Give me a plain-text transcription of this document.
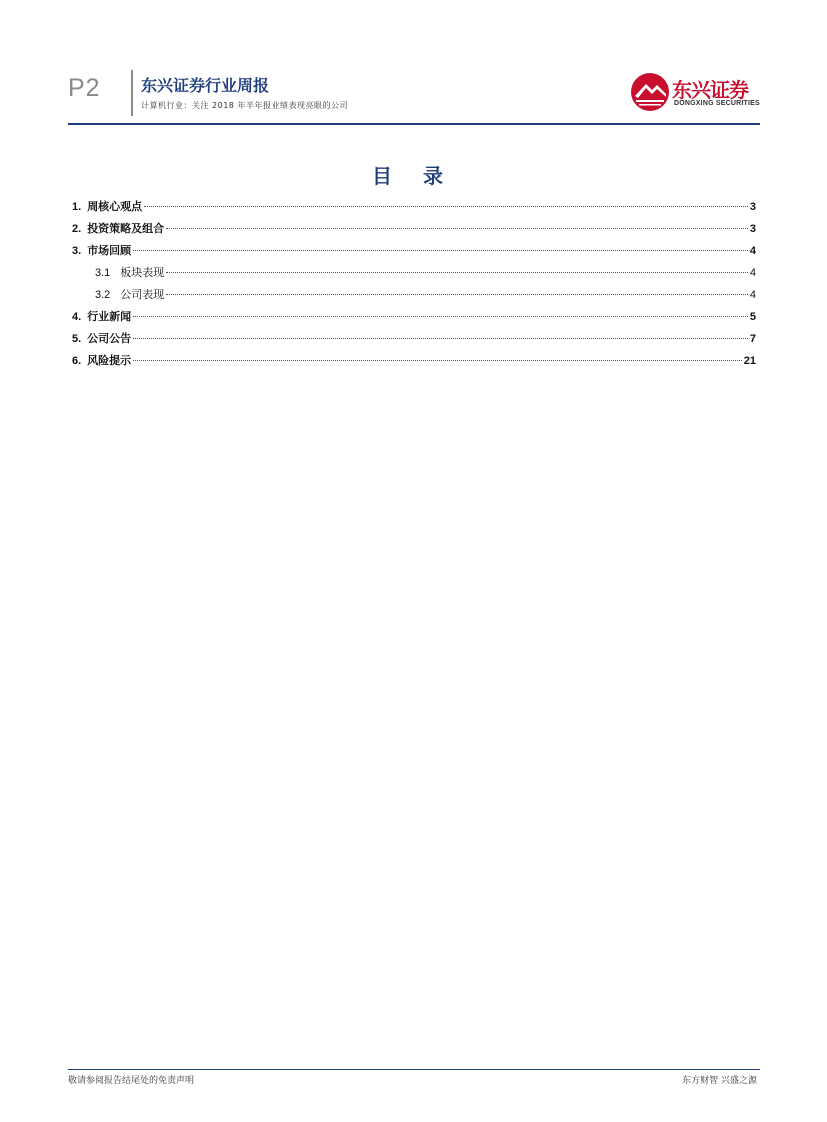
P2	东兴证券行业周报
计算机行业：关注 2018 年半年报业绩表现亮眼的公司
东兴证券
DONGXING SECURITIES
目 录
1. 周核心观点	3
2. 投资策略及组合	3
3. 市场回顾	4
3.1 板块表现	4
3.2 公司表现	4
4. 行业新闻	5
5. 公司公告	7
6. 风险提示	21
敬请参阅报告结尾处的免责声明	东方财智 兴盛之源
